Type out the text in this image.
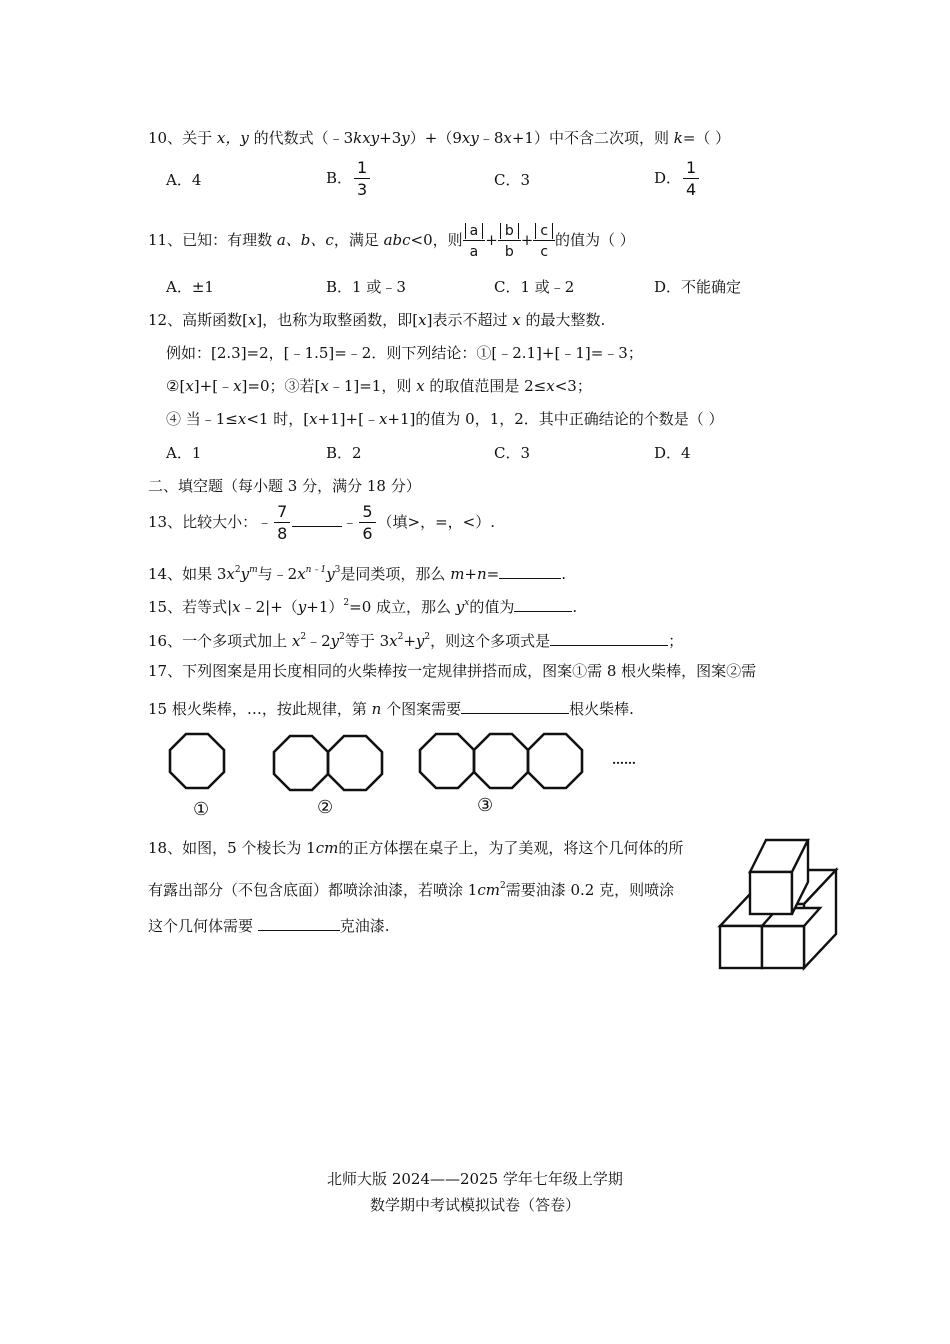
10、关于 x，y 的代数式（﹣3kxy+3y）+（9xy﹣8x+1）中不含二次项，则 k=（ ）
A．4	B． $\frac{1}{3}$	C．3	D． $\frac{1}{4}$
11、已知：有理数 a、b、c，满足 abc<0，则 $\frac{a}{a} + \frac{b}{b} + \frac{c}{c}$ 的值为（ ）
A．±1	B．1 或﹣3	C．1 或﹣2	D．不能确定
12、高斯函数[x]，也称为取整函数，即[x]表示不超过 x 的最大整数.
例如：[2.3]=2，[﹣1.5]=﹣2．则下列结论：①[﹣2.1]+[﹣1]=﹣3；
②[x]+[﹣x]=0；③若[x﹣1]=1，则 x 的取值范围是 2≤x<3；
④ 当﹣1≤x<1 时，[x+1]+[﹣x+1]的值为 0，1，2．其中正确结论的个数是（ ）
A．1	B．2	C．3	D．4
二、填空题（每小题 3 分，满分 18 分）
13、比较大小：﹣ $\frac{7}{8}$	﹣ $\frac{5}{6}$ （填>，=，<）.
14、如果 $3x^2y^m$与$﹣2x^{n﹣1}y^3$是同类项，那么 m+n=	.
15、若等式$|x﹣2|+(y+1)^2=0$ 成立，那么 $y^x$的值为	.
16、一个多项式加上 $x^2﹣2y^2$等于 $3x^2+y^2$，则这个多项式是	；
17、下列图案是用长度相同的火柴棒按一定规律拼搭而成，图案①需 8 根火柴棒，图案②需
15 根火柴棒，…，按此规律，第 n 个图案需要	根火柴棒.
①	②	③
……
18、如图，5 个棱长为 1cm的正方体摆在桌子上，为了美观，将这个几何体的所
有露出部分（不包含底面）都喷涂油漆，若喷涂 $1cm^2$需要油漆 0.2 克，则喷涂
这个几何体需要	克油漆.
北师大版 2024——2025 学年七年级上学期
数学期中考试模拟试卷（答卷）
